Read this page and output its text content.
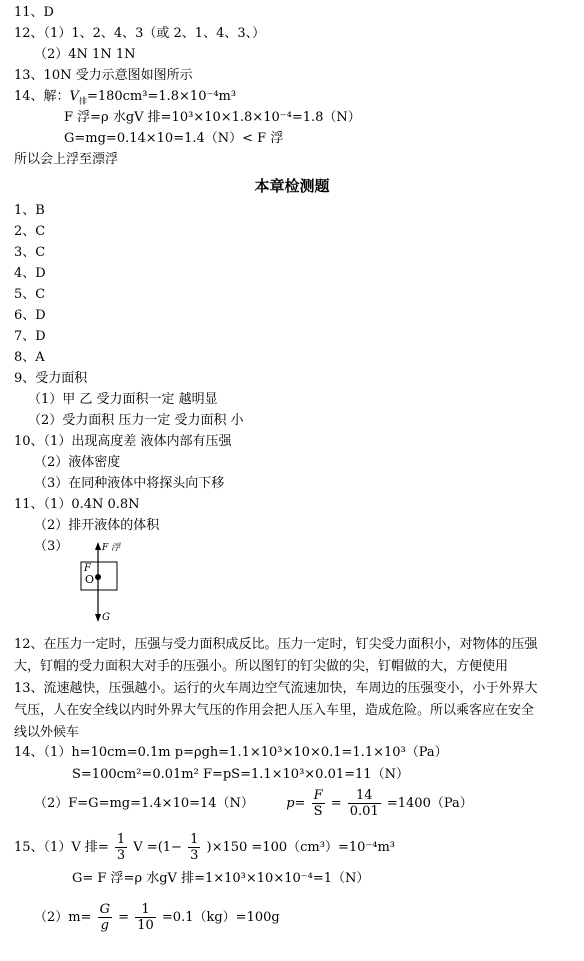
11、D
12、（1）1、2、4、3（或 2、1、4、3、）
（2）4N 1N 1N
13、10N 受力示意图如图所示
14、解：$V_排=180cm^3=1.8\times 10^{-4}m^3$
F 浮=ρ 水gV 排=10³×10×1.8×10⁻⁴=1.8（N）
G=mg=0.14×10=1.4（N）< F 浮
所以会上浮至漂浮
本章检测题
1、B
2、C
3、C
4、D
5、C
6、D
7、D
8、A
9、受力面积
（1）甲 乙 受力面积一定 越明显
（2）受力面积 压力一定 受力面积 小
10、（1）出现高度差 液体内部有压强
（2）液体密度
（3）在同种液体中将探头向下移
11、（1）0.4N 0.8N
（2）排开液体的体积
（3）	F 浮
F
O
G
12、在压力一定时，压强与受力面积成反比。压力一定时，钉尖受力面积小，对物体的压强
大，钉帽的受力面积大对手的压强小。所以图钉的钉尖做的尖，钉帽做的大，方便使用
13、流速越快，压强越小。运行的火车周边空气流速加快，车周边的压强变小，小于外界大
气压，人在安全线以内时外界大气压的作用会把人压入车里，造成危险。所以乘客应在安全
线以外候车
14、（1）h=10cm=0.1m p=ρgh=1.1×10³×10×0.1=1.1×10³（Pa）
S=100cm²=0.01m² F=pS=1.1×10³×0.01=11（N）
（2）F=G=mg=1.4×10=14（N） $p= \frac{F}{S} = \frac{14}{0.01} =1400(Pa)$
15、（1）V 排= $\frac{1}{3}$ $V =(1- \frac{1}{3} )\times 150 =100(cm^3)=10^{-4}m^3$
G= F 浮=ρ 水gV 排=1×10³×10×10⁻⁴=1（N）
$(2)m= \frac{G}{g} = \frac{1}{10} =0.1(kg)=100g$
